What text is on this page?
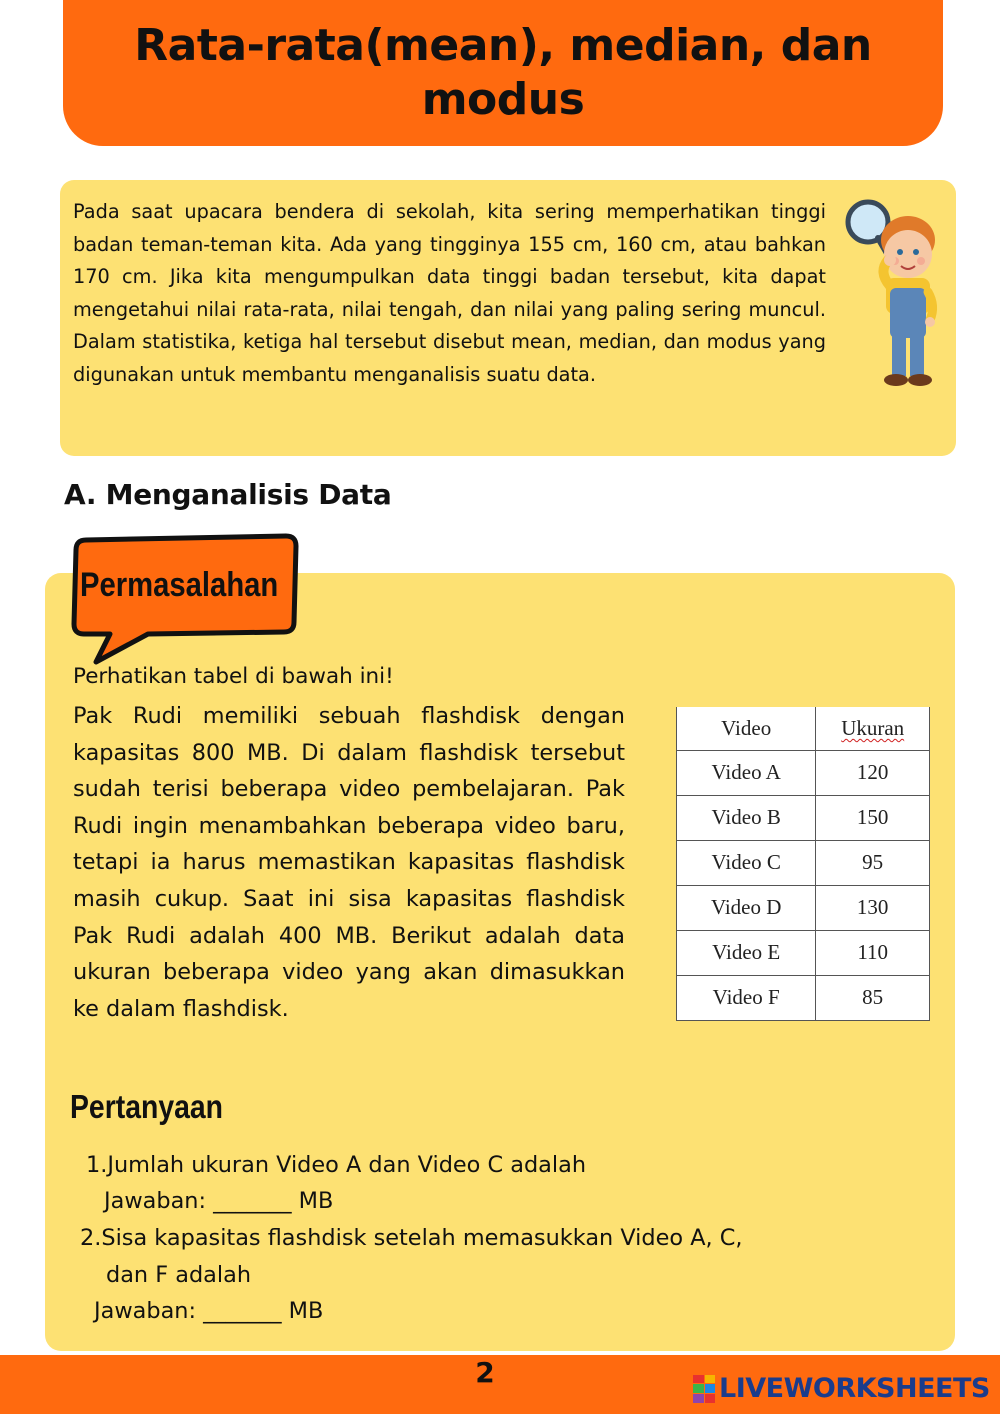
Rata-rata(mean), median, dan modus

Pada saat upacara bendera di sekolah, kita sering memperhatikan tinggi badan teman-teman kita. Ada yang tingginya 155 cm, 160 cm, atau bahkan 170 cm. Jika kita mengumpulkan data tinggi badan tersebut, kita dapat mengetahui nilai rata-rata, nilai tengah, dan nilai yang paling sering muncul. Dalam statistika, ketiga hal tersebut disebut mean, median, dan modus yang digunakan untuk membantu menganalisis suatu data.

A. Menganalisis Data
Permasalahan
Perhatikan tabel di bawah ini!

Pak Rudi memiliki sebuah flashdisk dengan kapasitas 800 MB. Di dalam flashdisk tersebut sudah terisi beberapa video pembelajaran. Pak Rudi ingin menambahkan beberapa video baru, tetapi ia harus memastikan kapasitas flashdisk masih cukup. Saat ini sisa kapasitas flashdisk Pak Rudi adalah 400 MB. Berikut adalah data ukuran beberapa video yang akan dimasukkan ke dalam flashdisk.

Video	Ukuran
Video A	120
Video B	150
Video C	95
Video D	130
Video E	110
Video F	85
Pertanyaan
1.Jumlah ukuran Video A dan Video C adalah
Jawaban: _______ MB
2.Sisa kapasitas flashdisk setelah memasukkan Video A, C,
dan F adalah
Jawaban: _______ MB
2	LIVEWORKSHEETS
